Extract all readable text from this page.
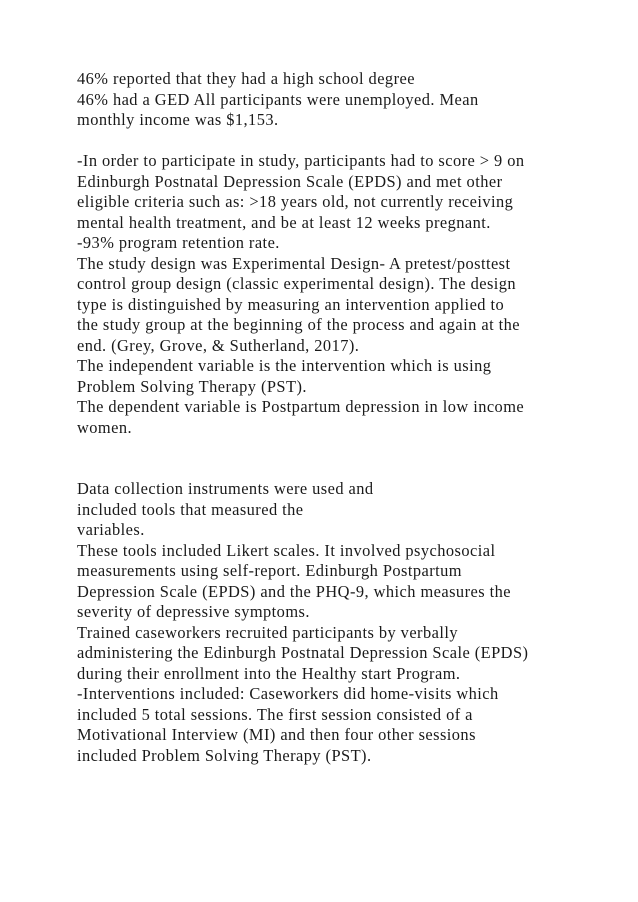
46% reported that they had a high school degree
46% had a GED All participants were unemployed. Mean
monthly income was $1,153.
-In order to participate in study, participants had to score > 9 on
Edinburgh Postnatal Depression Scale (EPDS) and met other
eligible criteria such as: >18 years old, not currently receiving
mental health treatment, and be at least 12 weeks pregnant.
-93% program retention rate.
The study design was Experimental Design- A pretest/posttest
control group design (classic experimental design). The design
type is distinguished by measuring an intervention applied to
the study group at the beginning of the process and again at the
end. (Grey, Grove, & Sutherland, 2017).
The independent variable is the intervention which is using
Problem Solving Therapy (PST).
The dependent variable is Postpartum depression in low income
women.
Data collection instruments were used and
included tools that measured the
variables.
These tools included Likert scales. It involved psychosocial
measurements using self-report. Edinburgh Postpartum
Depression Scale (EPDS) and the PHQ-9, which measures the
severity of depressive symptoms.
Trained caseworkers recruited participants by verbally
administering the Edinburgh Postnatal Depression Scale (EPDS)
during their enrollment into the Healthy start Program.
-Interventions included: Caseworkers did home-visits which
included 5 total sessions. The first session consisted of a
Motivational Interview (MI) and then four other sessions
included Problem Solving Therapy (PST).
